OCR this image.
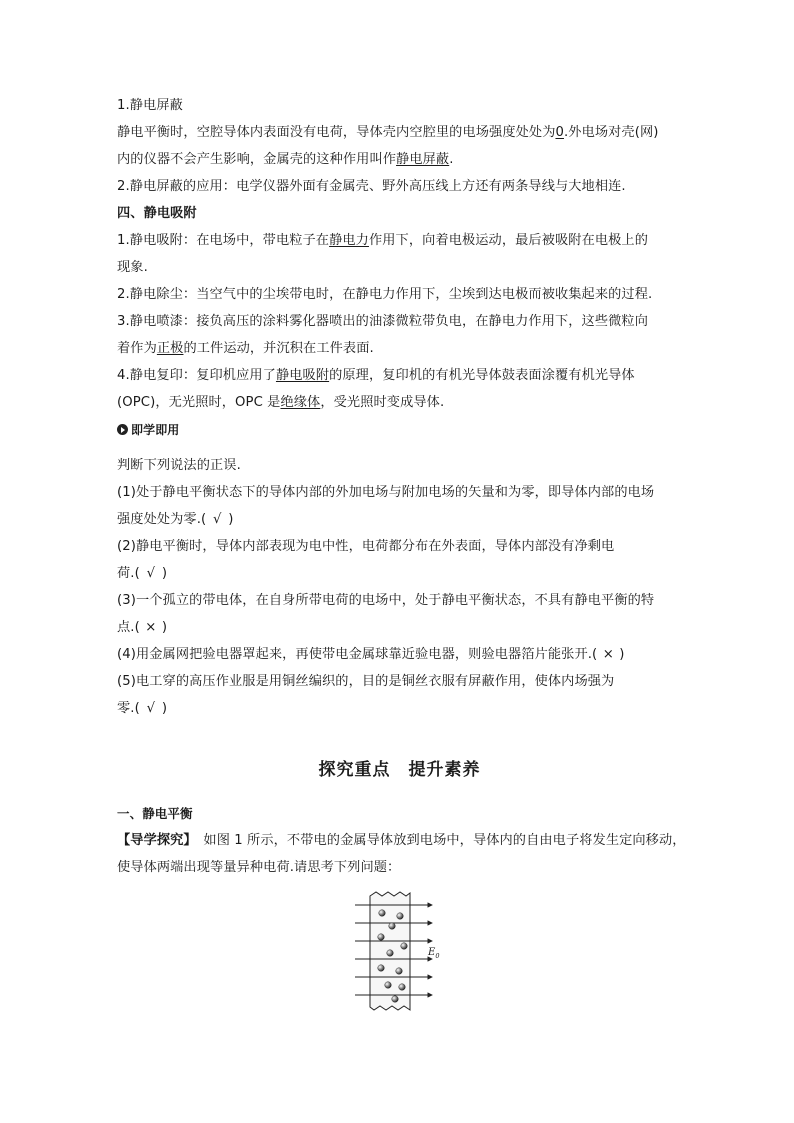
1.静电屏蔽
静电平衡时，空腔导体内表面没有电荷，导体壳内空腔里的电场强度处处为0.外电场对壳(网)
内的仪器不会产生影响，金属壳的这种作用叫作静电屏蔽.
2.静电屏蔽的应用：电学仪器外面有金属壳、野外高压线上方还有两条导线与大地相连.
四、静电吸附
1.静电吸附：在电场中，带电粒子在静电力作用下，向着电极运动，最后被吸附在电极上的
现象.
2.静电除尘：当空气中的尘埃带电时，在静电力作用下，尘埃到达电极而被收集起来的过程.
3.静电喷漆：接负高压的涂料雾化器喷出的油漆微粒带负电，在静电力作用下，这些微粒向
着作为正极的工件运动，并沉积在工件表面.
4.静电复印：复印机应用了静电吸附的原理，复印机的有机光导体鼓表面涂覆有机光导体
(OPC)，无光照时，OPC 是绝缘体，受光照时变成导体.
即学即用
判断下列说法的正误.
(1)处于静电平衡状态下的导体内部的外加电场与附加电场的矢量和为零，即导体内部的电场
强度处处为零.( √ )
(2)静电平衡时，导体内部表现为电中性，电荷都分布在外表面，导体内部没有净剩电
荷.( √ )
(3)一个孤立的带电体，在自身所带电荷的电场中，处于静电平衡状态，不具有静电平衡的特
点.( × )
(4)用金属网把验电器罩起来，再使带电金属球靠近验电器，则验电器箔片能张开.( × )
(5)电工穿的高压作业服是用铜丝编织的，目的是铜丝衣服有屏蔽作用，使体内场强为
零.( √ )
探究重点　提升素养
一、静电平衡
【导学探究】　如图 1 所示，不带电的金属导体放到电场中，导体内的自由电子将发生定向移动，
使导体两端出现等量异种电荷.请思考下列问题：
$E_0$
